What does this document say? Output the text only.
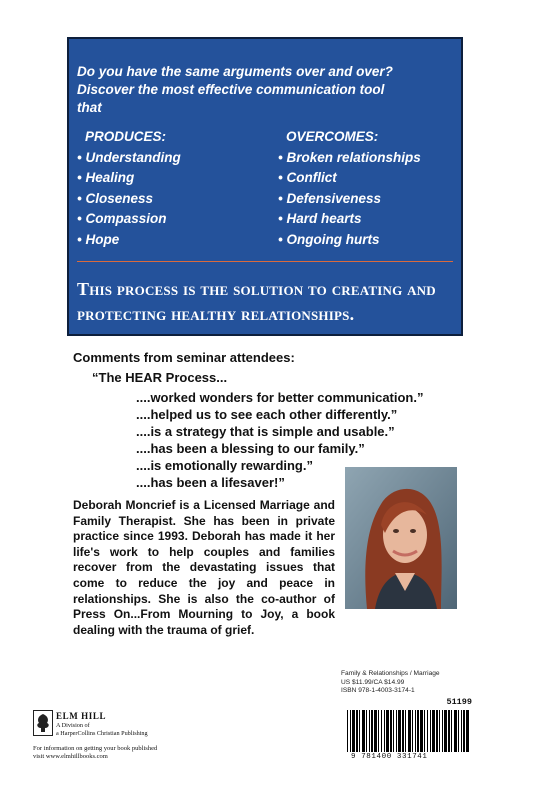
Do you have the same arguments over and over?
Discover the most effective communication tool
that
PRODUCES:
• Understanding
• Healing
• Closeness
• Compassion
• Hope
OVERCOMES:
• Broken relationships
• Conflict
• Defensiveness
• Hard hearts
• Ongoing hurts
This process is the solution to creating and protecting healthy relationships.
Comments from seminar attendees:
“The HEAR Process...
....worked wonders for better communication.”
....helped us to see each other differently.”
....is a strategy that is simple and usable.”
....has been a blessing to our family.”
....is emotionally rewarding.”
....has been a lifesaver!”
Deborah Moncrief is a Licensed Marriage and Family Therapist. She has been in private practice since 1993. Deborah has made it her life's work to help couples and families recover from the devastating issues that come to reduce the joy and peace in relationships. She is also the co-author of Press On...From Mourning to Joy, a book dealing with the trauma of grief.
Family & Relationships / Marriage
US $11.99/CA $14.99
ISBN 978-1-4003-3174-1
51199
9 781400 331741
ELM HILL
A Division of
a HarperCollins Christian Publishing
For information on getting your book published
visit www.elmhillbooks.com
